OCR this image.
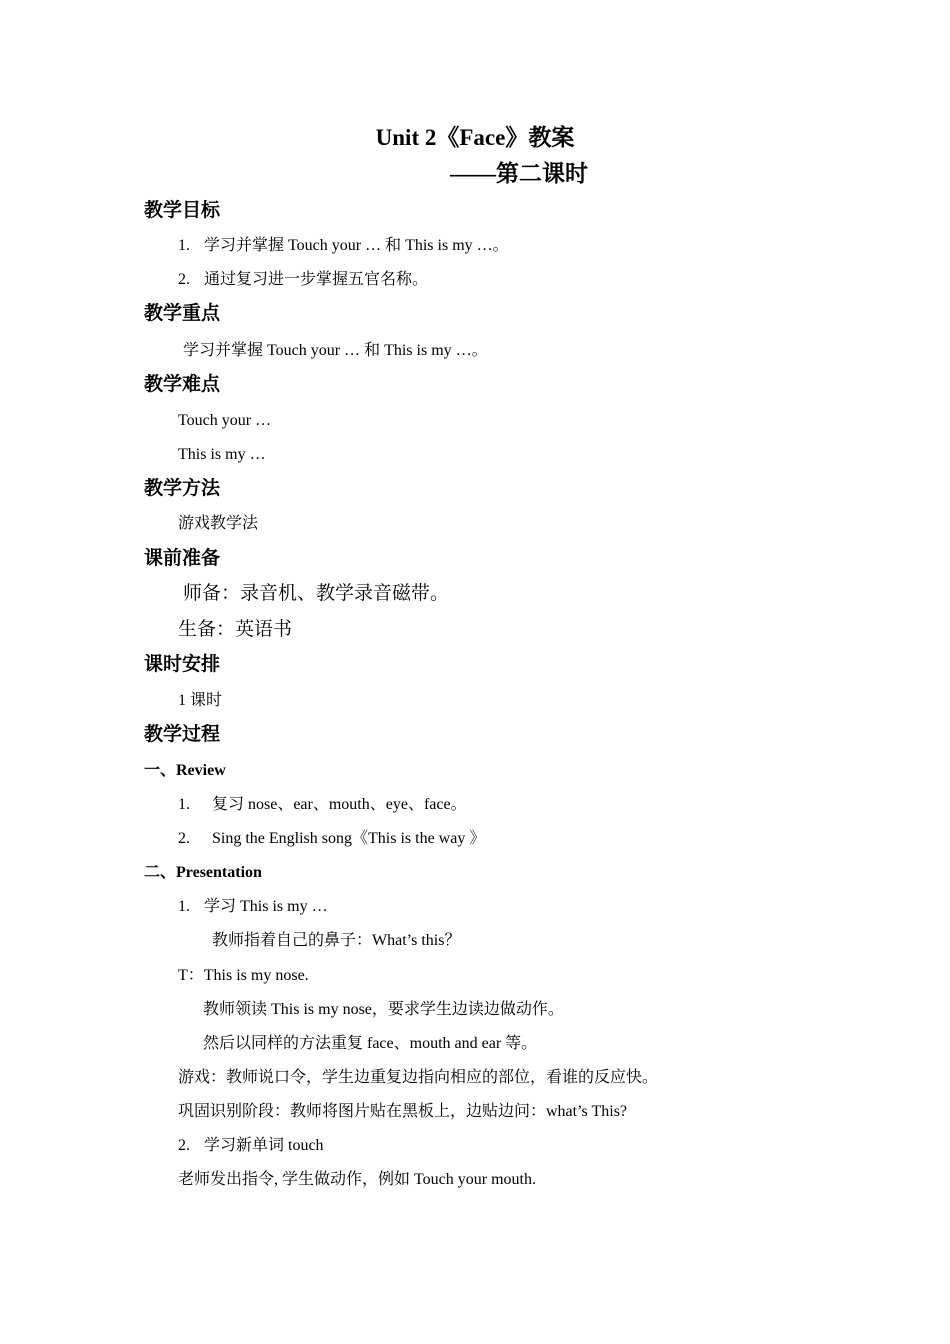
Unit 2《Face》教案
——第二课时
教学目标
1. 学习并掌握 Touch your … 和 This is my …。
2. 通过复习进一步掌握五官名称。
教学重点
学习并掌握 Touch your … 和 This is my …。
教学难点
Touch your …
This is my …
教学方法
游戏教学法
课前准备
师备：录音机、教学录音磁带。
生备：英语书
课时安排
1 课时
教学过程
一、Review
1. 复习 nose、ear、mouth、eye、face。
2. Sing the English song《This is the way 》
二、Presentation
1. 学习 This is my …
教师指着自己的鼻子：What’s this？
T：This is my nose.
教师领读 This is my nose，要求学生边读边做动作。
然后以同样的方法重复 face、mouth and ear 等。
游戏：教师说口令，学生边重复边指向相应的部位，看谁的反应快。
巩固识别阶段：教师将图片贴在黑板上，边贴边问：what’s This?
2. 学习新单词 touch
老师发出指令, 学生做动作，例如 Touch your mouth.
